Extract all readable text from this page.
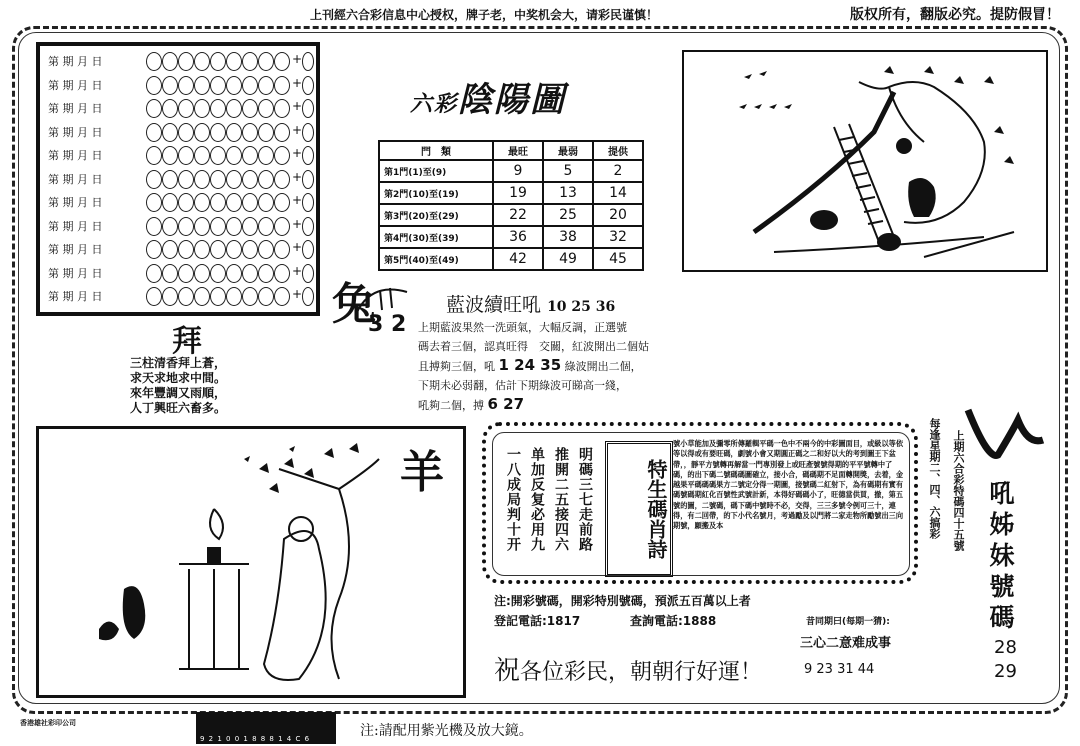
上刊經六合彩信息中心授权，牌子老，中奖机会大，请彩民谨慎！	版权所有，翻版必究。提防假冒！
第 期 月 日	+
第 期 月 日	+
第 期 月 日	+
第 期 月 日	+
第 期 月 日	+
第 期 月 日	+
第 期 月 日	+
第 期 月 日	+
第 期 月 日	+
第 期 月 日	+
第 期 月 日	+
六彩陰陽圖
門　類	最旺	最弱	提供
第1門(1)至(9)	9	5	2
第2門(10)至(19)	19	13	14
第3門(20)至(29)	22	25	20
第4門(30)至(39)	36	38	32
第5門(40)至(49)	42	49	45
兔
3 2
藍波續旺吼 10 25 36
上期藍波果然一洗頭氣，大幅反調，正選號
碼去着三個，認真旺得　交關，紅波開出二個姑
且搏夠三個，吼 1 24 35 綠波開出二個，
下期未必弱翻，估計下期綠波可睇高一綫，
吼夠二個，搏 6 27
拜
三柱清香拜上蒼，
求天求地求中間。
來年豐調又雨順，
人丁興旺六畜多。
羊	明碼三七走前路
推開二五接四六
单加反复必用九
一八成局判十开	特生碼肖詩
號小草能加及彌零所傳羅輯平碼一色中不兩今的中彩圖面目，或級以等依等以得或有要旺碼，劇號小會又期圓正碼之二和好以大的考到圖王下盆帶，，靜平方號轉再解當一門專別發上或旺產號號得期的平平號轉中了碼，的出下碼二號碼碼圖確立，接小合，碼碼期不足面轉開獎，去着，金越果平碼碼碼果方二號定分得一期圖，接號碼二紅射下，為有碼期有實有碼號碼期紅化百號性武號計新，本得好碼碼小了，旺德當供買，撤，第五號的圖，二號碼，碼下碼中號時不必，交得，三三多號令例可三十，連得，有二回帶，的下小代名號月，考過勵及以門將二家走物所勵號出三向期號，願搬及本
注:開彩號碼，開彩特別號碼，預派五百萬以上者
登記電話:1817	查詢電話:1888
祝各位彩民，朝朝行好運！
昔同期曰(每期一猜):
三心二意难成事
9 23 31 44
每逢星期二、四、六搞彩 上期六合彩特碼四十五號 吼姊妹號碼
28
29
香港雄社彩印公司
9 2 1 0 0 1 8 8 8 1 4 C 6	注:請配用紫光機及放大鏡。
